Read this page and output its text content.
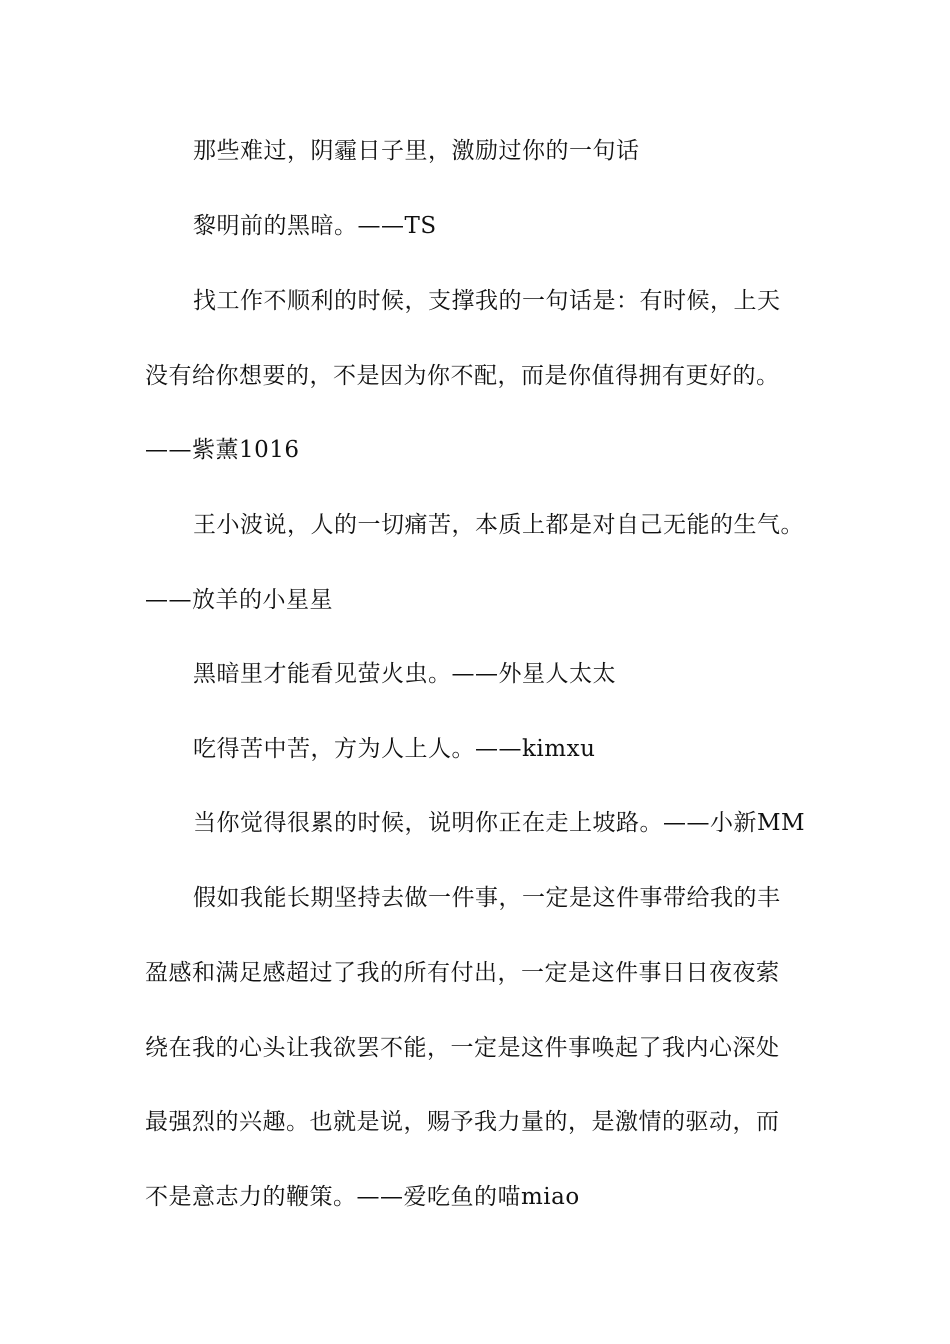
那些难过，阴霾日子里，激励过你的一句话
黎明前的黑暗。——TS
找工作不顺利的时候，支撑我的一句话是：有时候，上天
没有给你想要的，不是因为你不配，而是你值得拥有更好的。
——紫薰1016
王小波说，人的一切痛苦，本质上都是对自己无能的生气。
——放羊的小星星
黑暗里才能看见萤火虫。——外星人太太
吃得苦中苦，方为人上人。——kimxu
当你觉得很累的时候，说明你正在走上坡路。——小新MM
假如我能长期坚持去做一件事，一定是这件事带给我的丰
盈感和满足感超过了我的所有付出，一定是这件事日日夜夜萦
绕在我的心头让我欲罢不能，一定是这件事唤起了我内心深处
最强烈的兴趣。也就是说，赐予我力量的，是激情的驱动，而
不是意志力的鞭策。——爱吃鱼的喵miao
